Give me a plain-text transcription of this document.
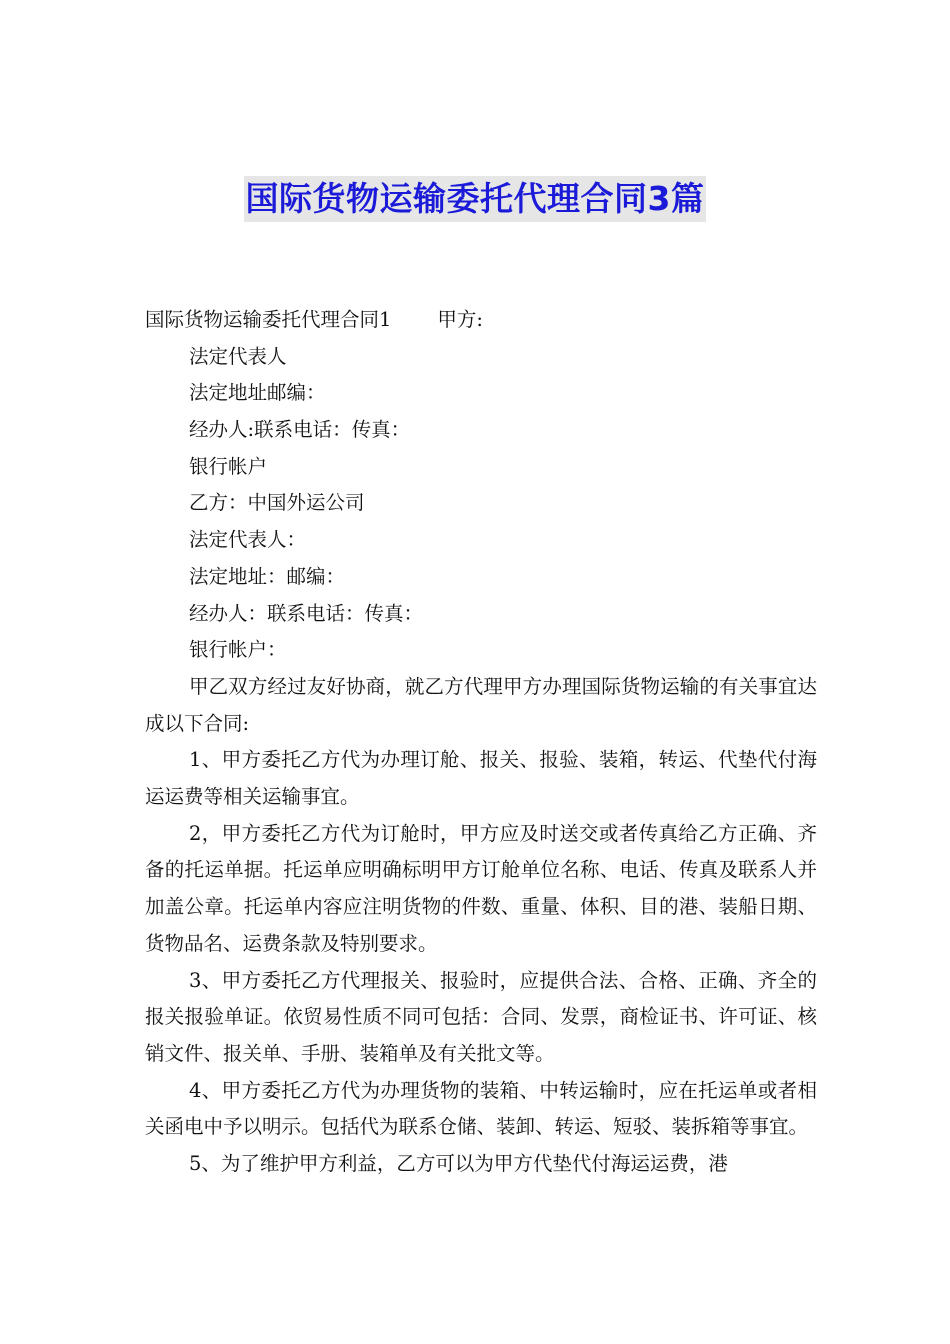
国际货物运输委托代理合同3篇
国际货物运输委托代理合同1 甲方:
法定代表人
法定地址邮编：
经办人:联系电话：传真：
银行帐户
乙方：中国外运公司
法定代表人：
法定地址：邮编：
经办人：联系电话：传真：
银行帐户：
甲乙双方经过友好协商，就乙方代理甲方办理国际货物运输的有关事宜达成以下合同:
1、甲方委托乙方代为办理订舱、报关、报验、装箱，转运、代垫代付海运运费等相关运输事宜。
2，甲方委托乙方代为订舱时，甲方应及时送交或者传真给乙方正确、齐备的托运单据。托运单应明确标明甲方订舱单位名称、电话、传真及联系人并加盖公章。托运单内容应注明货物的件数、重量、体积、目的港、装船日期、货物品名、运费条款及特别要求。
3、甲方委托乙方代理报关、报验时，应提供合法、合格、正确、齐全的报关报验单证。依贸易性质不同可包括：合同、发票，商检证书、许可证、核销文件、报关单、手册、装箱单及有关批文等。
4、甲方委托乙方代为办理货物的装箱、中转运输时，应在托运单或者相关函电中予以明示。包括代为联系仓储、装卸、转运、短驳、装拆箱等事宜。
5、为了维护甲方利益，乙方可以为甲方代垫代付海运运费，港
